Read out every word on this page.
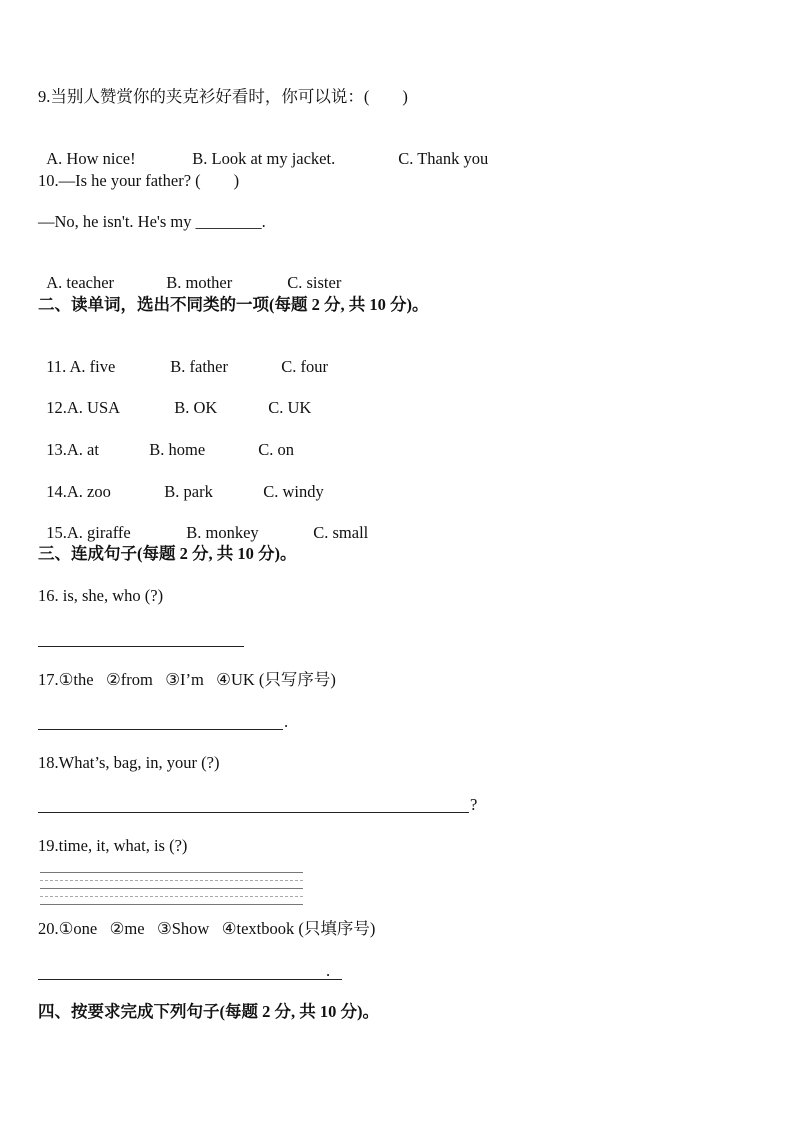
9.当别人赞赏你的夹克衫好看时，你可以说：(        )

A. How nice!	B. Look at my jacket.	C. Thank you

10.—Is he your father? (        )
—No, he isn't. He's my ________.

A. teacher	B. mother	C. sister

二、读单词，选出不同类的一项(每题 2 分, 共 10 分)。

11. A. five	B. father	C. four

12.A. USA	B. OK	C. UK

13.A. at	B. home	C. on

14.A. zoo	B. park	C. windy

15.A. giraffe	B. monkey	C. small

三、连成句子(每题 2 分, 共 10 分)。
16. is, she, who (?)
17.①the   ②from   ③I’m   ④UK (只写序号)
.
18.What’s, bag, in, your (?)
?
19.time, it, what, is (?)
20.①one   ②me   ③Show   ④textbook (只填序号)
.
四、按要求完成下列句子(每题 2 分, 共 10 分)。
